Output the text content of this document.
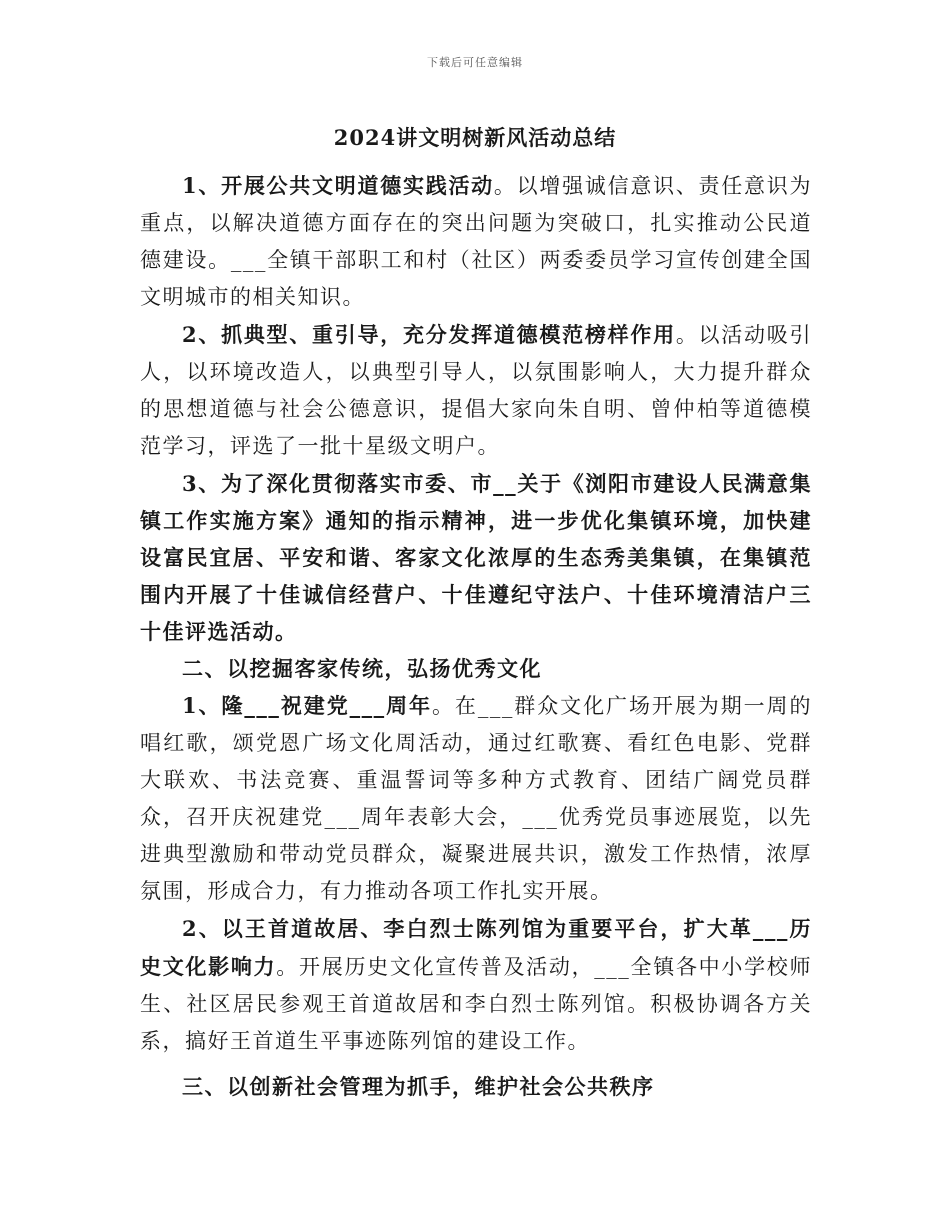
下载后可任意编辑
2024讲文明树新风活动总结

1、开展公共文明道德实践活动。以增强诚信意识、责任意识为重点，以解决道德方面存在的突出问题为突破口，扎实推动公民道德建设。___全镇干部职工和村（社区）两委委员学习宣传创建全国文明城市的相关知识。

2、抓典型、重引导，充分发挥道德模范榜样作用。以活动吸引人，以环境改造人，以典型引导人，以氛围影响人，大力提升群众的思想道德与社会公德意识，提倡大家向朱自明、曾仲柏等道德模范学习，评选了一批十星级文明户。

3、为了深化贯彻落实市委、市__关于《浏阳市建设人民满意集镇工作实施方案》通知的指示精神，进一步优化集镇环境，加快建设富民宜居、平安和谐、客家文化浓厚的生态秀美集镇，在集镇范围内开展了十佳诚信经营户、十佳遵纪守法户、十佳环境清洁户三十佳评选活动。

二、以挖掘客家传统，弘扬优秀文化

1、隆___祝建党___周年。在___群众文化广场开展为期一周的唱红歌，颂党恩广场文化周活动，通过红歌赛、看红色电影、党群大联欢、书法竞赛、重温誓词等多种方式教育、团结广阔党员群众，召开庆祝建党___周年表彰大会，___优秀党员事迹展览，以先进典型激励和带动党员群众，凝聚进展共识，激发工作热情，浓厚氛围，形成合力，有力推动各项工作扎实开展。

2、以王首道故居、李白烈士陈列馆为重要平台，扩大革___历史文化影响力。开展历史文化宣传普及活动，___全镇各中小学校师生、社区居民参观王首道故居和李白烈士陈列馆。积极协调各方关系，搞好王首道生平事迹陈列馆的建设工作。

三、以创新社会管理为抓手，维护社会公共秩序
